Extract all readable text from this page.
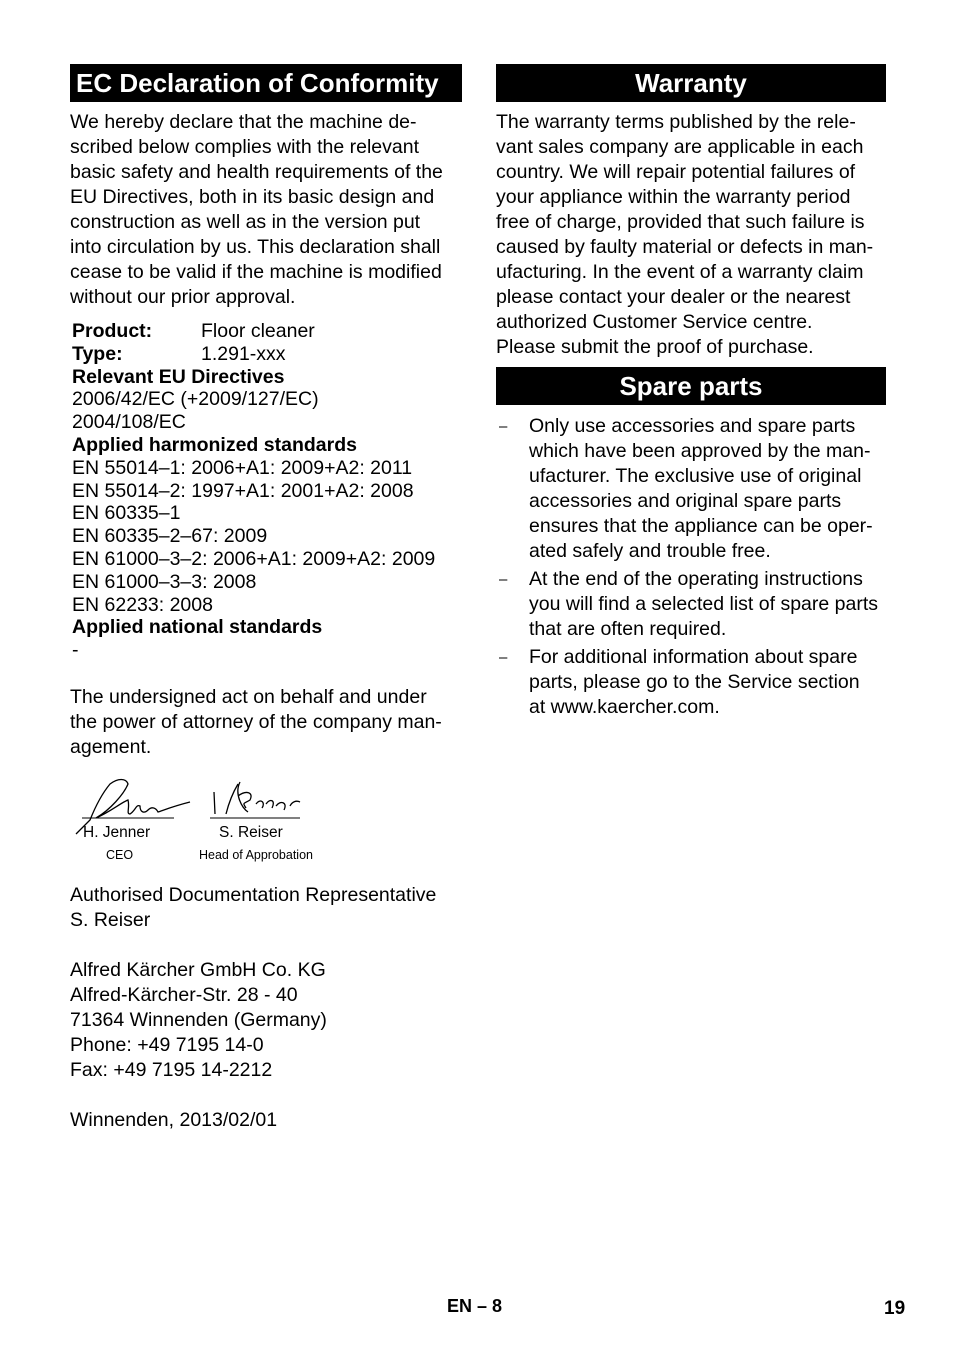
EC Declaration of Conformity

We hereby declare that the machine de-
scribed below complies with the relevant
basic safety and health requirements of the
EU Directives, both in its basic design and
construction as well as in the version put
into circulation by us. This declaration shall
cease to be valid if the machine is modified
without our prior approval.

Product:	Floor cleaner
Type:	1.291-xxx
Relevant EU Directives
2006/42/EC (+2009/127/EC)
2004/108/EC
Applied harmonized standards
EN 55014–1: 2006+A1: 2009+A2: 2011
EN 55014–2: 1997+A1: 2001+A2: 2008
EN 60335–1
EN 60335–2–67: 2009
EN 61000–3–2: 2006+A1: 2009+A2: 2009
EN 61000–3–3: 2008
EN 62233: 2008
Applied national standards
-

The undersigned act on behalf and under
the power of attorney of the company man-
agement.

H. Jenner
CEO
S. Reiser
Head of Approbation

Authorised Documentation Representative
S. Reiser

Alfred Kärcher GmbH Co. KG
Alfred-Kärcher-Str. 28 - 40
71364 Winnenden (Germany)
Phone: +49 7195 14-0
Fax: +49 7195 14-2212

Winnenden, 2013/02/01

Warranty

The warranty terms published by the rele-
vant sales company are applicable in each
country. We will repair potential failures of
your appliance within the warranty period
free of charge, provided that such failure is
caused by faulty material or defects in man-
ufacturing. In the event of a warranty claim
please contact your dealer or the nearest
authorized Customer Service centre.
Please submit the proof of purchase.

Spare parts
– Only use accessories and spare parts
which have been approved by the man-
ufacturer. The exclusive use of original
accessories and original spare parts
ensures that the appliance can be oper-
ated safely and trouble free.
– At the end of the operating instructions
you will find a selected list of spare parts
that are often required.
– For additional information about spare
parts, please go to the Service section
at www.kaercher.com.
EN – 8	19
